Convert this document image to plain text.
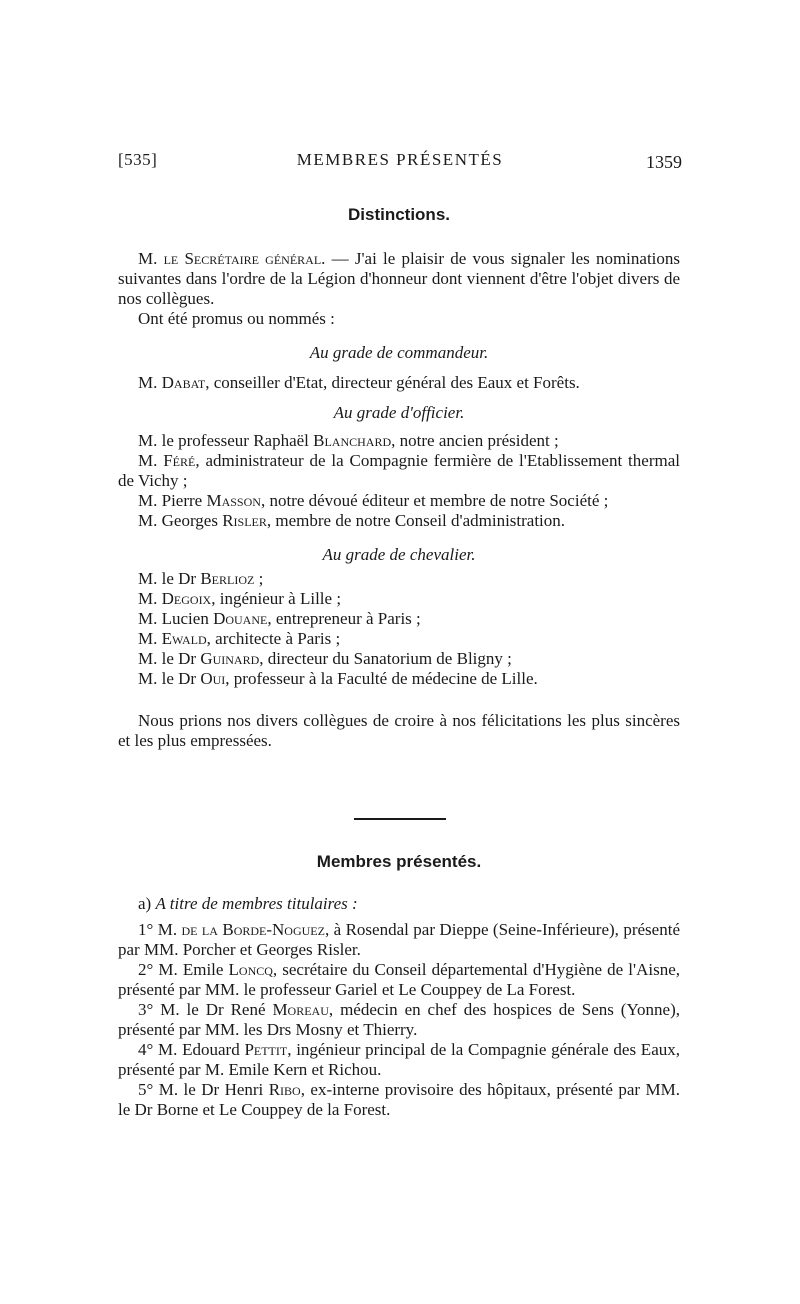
[535]	MEMBRES PRÉSENTÉS	1359
Distinctions.

M. le Secrétaire général. — J'ai le plaisir de vous signaler les nominations suivantes dans l'ordre de la Légion d'honneur dont viennent d'être l'objet divers de nos collègues.

Ont été promus ou nommés :

Au grade de commandeur.

M. Dabat, conseiller d'Etat, directeur général des Eaux et Forêts.

Au grade d'officier.

M. le professeur Raphaël Blanchard, notre ancien président ;

M. Féré, administrateur de la Compagnie fermière de l'Etablissement thermal de Vichy ;

M. Pierre Masson, notre dévoué éditeur et membre de notre Société ;

M. Georges Risler, membre de notre Conseil d'administration.

Au grade de chevalier.

M. le Dr Berlioz ;

M. Degoix, ingénieur à Lille ;

M. Lucien Douane, entrepreneur à Paris ;

M. Ewald, architecte à Paris ;

M. le Dr Guinard, directeur du Sanatorium de Bligny ;

M. le Dr Oui, professeur à la Faculté de médecine de Lille.

Nous prions nos divers collègues de croire à nos félicitations les plus sincères et les plus empressées.

Membres présentés.

a) A titre de membres titulaires :

1° M. de la Borde-Noguez, à Rosendal par Dieppe (Seine-Inférieure), présenté par MM. Porcher et Georges Risler.

2° M. Emile Loncq, secrétaire du Conseil départemental d'Hygiène de l'Aisne, présenté par MM. le professeur Gariel et Le Couppey de La Forest.

3° M. le Dr René Moreau, médecin en chef des hospices de Sens (Yonne), présenté par MM. les Drs Mosny et Thierry.

4° M. Edouard Pettit, ingénieur principal de la Compagnie générale des Eaux, présenté par M. Emile Kern et Richou.

5° M. le Dr Henri Ribo, ex-interne provisoire des hôpitaux, présenté par MM. le Dr Borne et Le Couppey de la Forest.
